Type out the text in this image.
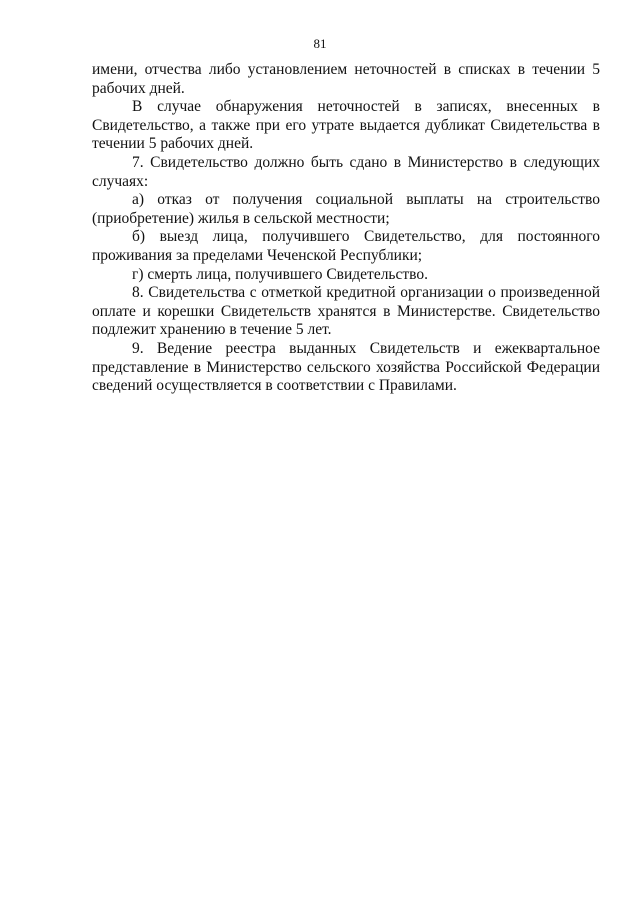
81

имени, отчества либо установлением неточностей в списках в течении 5 рабочих дней.

В случае обнаружения неточностей в записях, внесенных в Свидетельство, а также при его утрате выдается дубликат Свидетельства в течении 5 рабочих дней.

7. Свидетельство должно быть сдано в Министерство в следующих случаях:

а) отказ от получения социальной выплаты на строительство (приобретение) жилья в сельской местности;

б) выезд лица, получившего Свидетельство, для постоянного проживания за пределами Чеченской Республики;

г) смерть лица, получившего Свидетельство.

8. Свидетельства с отметкой кредитной организации о произведенной оплате и корешки Свидетельств хранятся в Министерстве. Свидетельство подлежит хранению в течение 5 лет.

9. Ведение реестра выданных Свидетельств и ежеквартальное представление в Министерство сельского хозяйства Российской Федерации сведений осуществляется в соответствии с Правилами.
